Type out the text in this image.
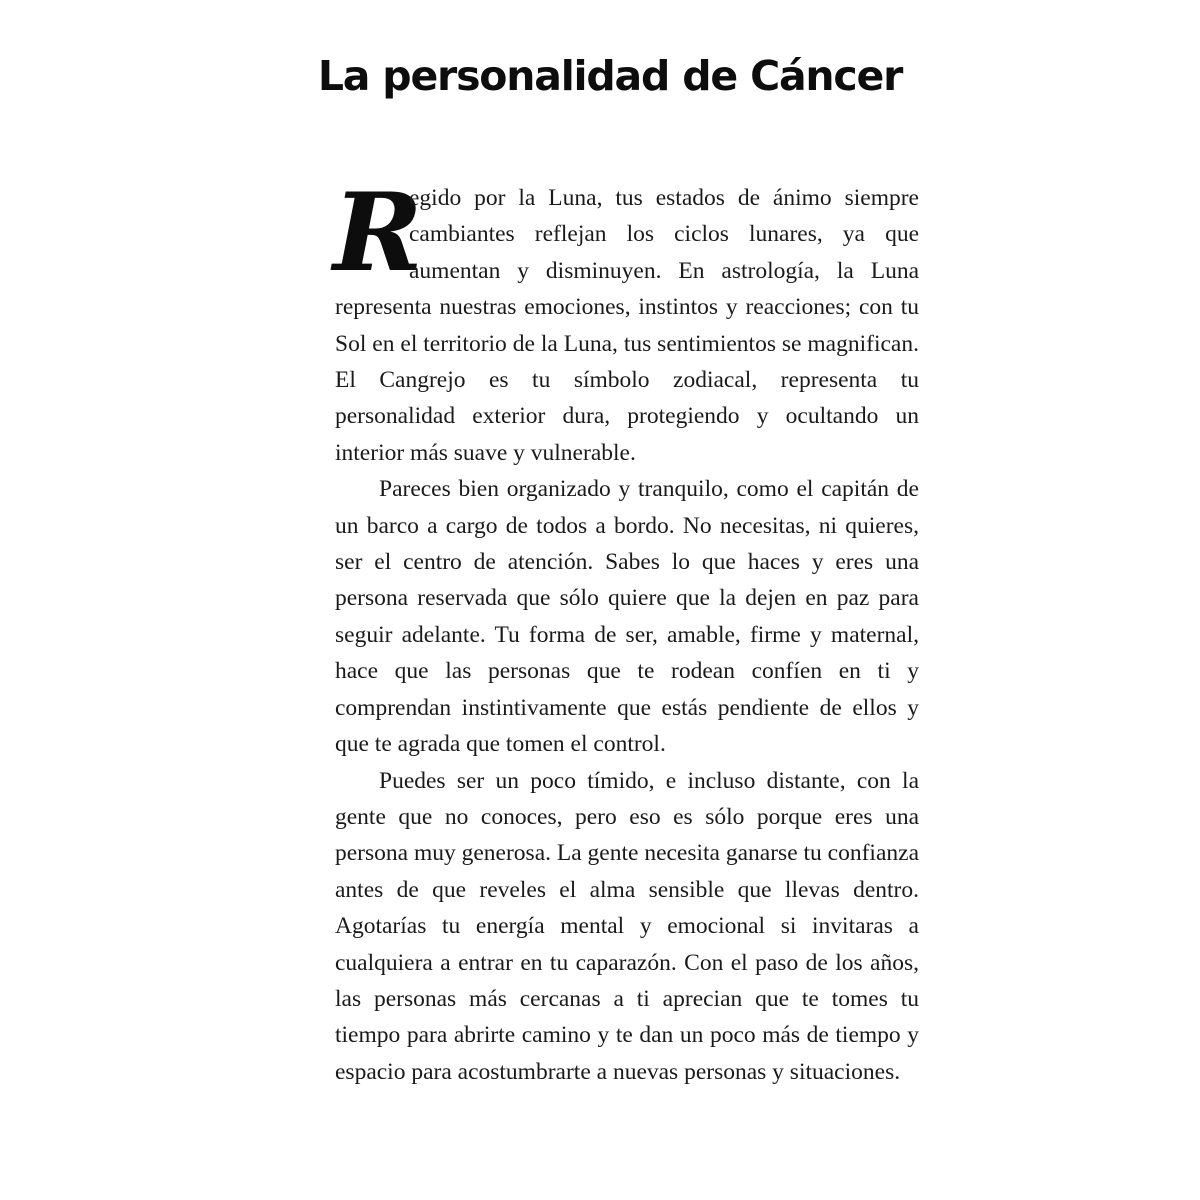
La personalidad de Cáncer

R
egido por la Luna, tus estados de ánimo siempre cambiantes reflejan los ciclos lunares, ya que aumentan y disminuyen. En astrología, la Luna representa nuestras emociones, instintos y reacciones; con tu Sol en el territorio de la Luna, tus sentimientos se magnifican. El Cangrejo es tu símbolo zodiacal, representa tu personalidad exterior dura, protegiendo y ocultando un interior más suave y vulnerable.

Pareces bien organizado y tranquilo, como el capitán de un barco a cargo de todos a bordo. No necesitas, ni quieres, ser el centro de atención. Sabes lo que haces y eres una persona reservada que sólo quiere que la dejen en paz para seguir adelante. Tu forma de ser, amable, firme y maternal, hace que las personas que te rodean confíen en ti y comprendan instintivamente que estás pendiente de ellos y que te agrada que tomen el control.

Puedes ser un poco tímido, e incluso distante, con la gente que no conoces, pero eso es sólo porque eres una persona muy generosa. La gente necesita ganarse tu confianza antes de que reveles el alma sensible que llevas dentro. Agotarías tu energía mental y emocional si invitaras a cualquiera a entrar en tu caparazón. Con el paso de los años, las personas más cercanas a ti aprecian que te tomes tu tiempo para abrirte camino y te dan un poco más de tiempo y espacio para acostumbrarte a nuevas personas y situaciones.
